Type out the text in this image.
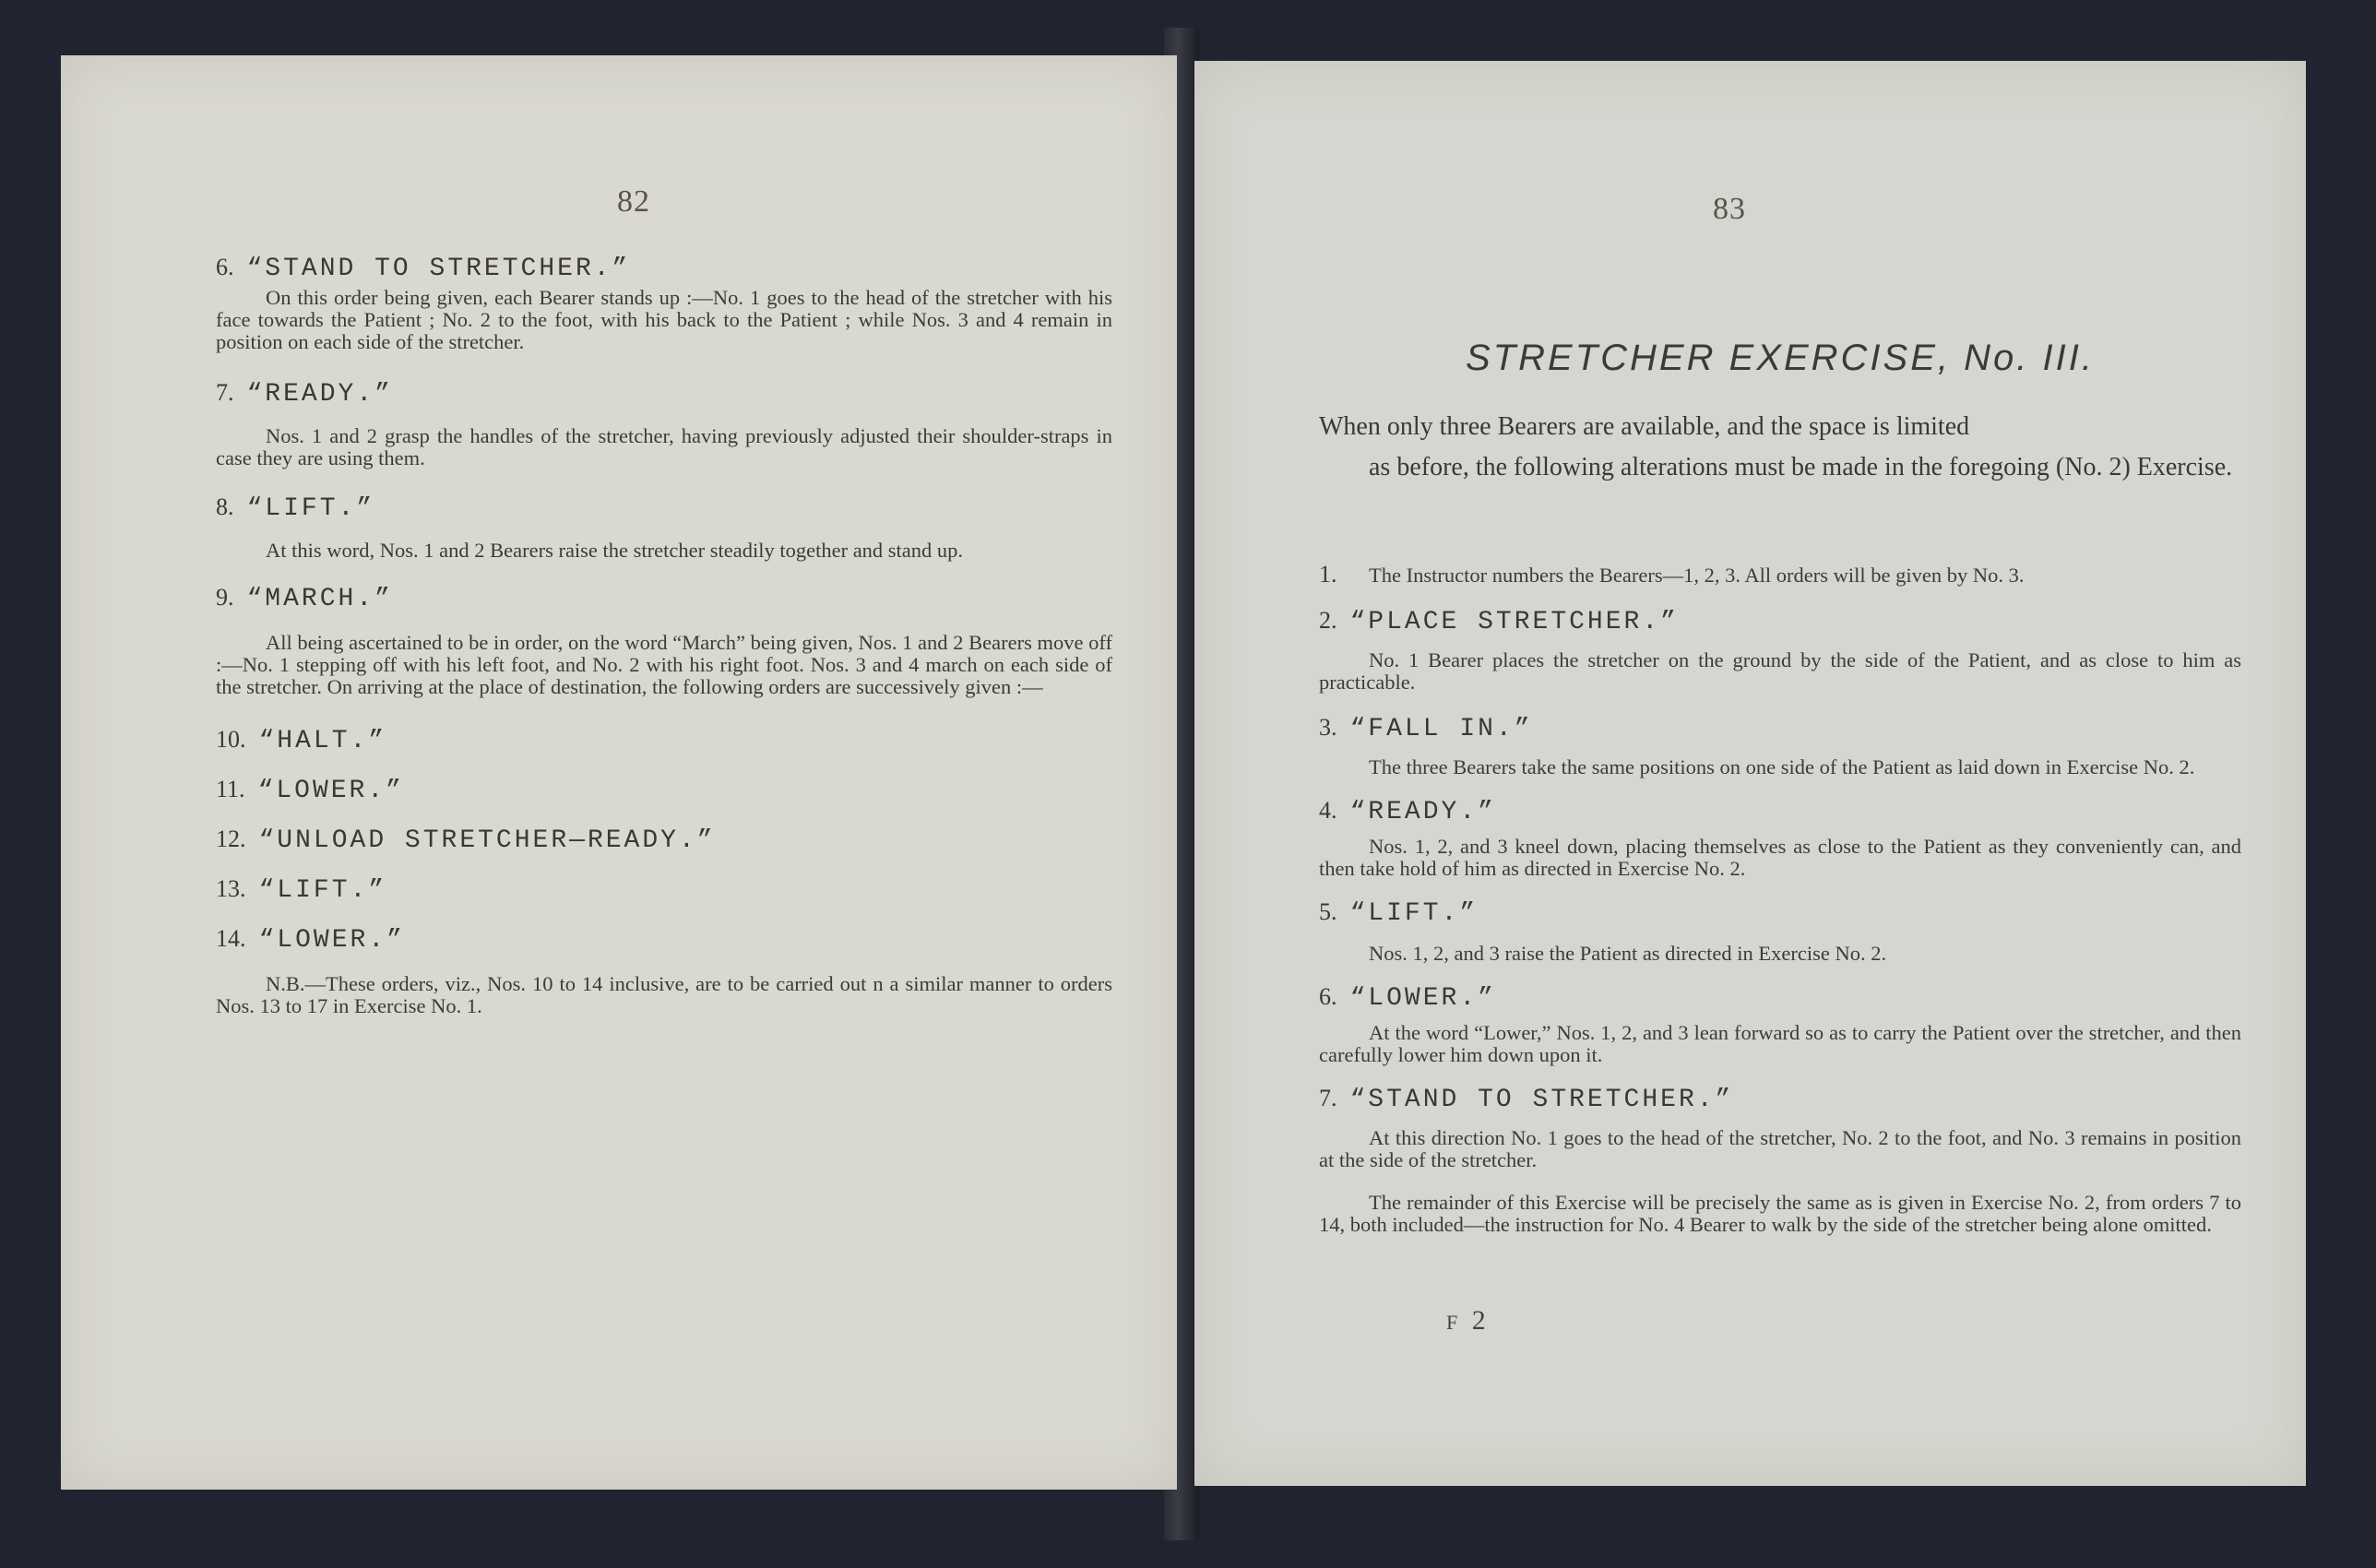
82
6. “STAND TO STRETCHER.”
On this order being given, each Bearer stands up :—No. 1 goes to the head of the stretcher with his face towards the Patient ; No. 2 to the foot, with his back to the Patient ; while Nos. 3 and 4 remain in position on each side of the stretcher.
7. “READY.”
Nos. 1 and 2 grasp the handles of the stretcher, having previously adjusted their shoulder-straps in case they are using them.
8. “LIFT.”
At this word, Nos. 1 and 2 Bearers raise the stretcher steadily together and stand up.
9. “MARCH.”
All being ascertained to be in order, on the word “March” being given, Nos. 1 and 2 Bearers move off :—No. 1 stepping off with his left foot, and No. 2 with his right foot. Nos. 3 and 4 march on each side of the stretcher. On arriving at the place of destination, the following orders are successively given :—
10. “HALT.”
11. “LOWER.”
12. “UNLOAD STRETCHER—READY.”
13. “LIFT.”
14. “LOWER.”
N.B.—These orders, viz., Nos. 10 to 14 inclusive, are to be carried out n a similar manner to orders Nos. 13 to 17 in Exercise No. 1.
83
STRETCHER EXERCISE, No. III.
When only three Bearers are available, and the space is limited
as before, the following alterations must be made in the foregoing (No. 2) Exercise.
1. The Instructor numbers the Bearers—1, 2, 3. All orders will be given by No. 3.
2. “PLACE STRETCHER.”
No. 1 Bearer places the stretcher on the ground by the side of the Patient, and as close to him as practicable.
3. “FALL IN.”
The three Bearers take the same positions on one side of the Patient as laid down in Exercise No. 2.
4. “READY.”
Nos. 1, 2, and 3 kneel down, placing themselves as close to the Patient as they conveniently can, and then take hold of him as directed in Exercise No. 2.
5. “LIFT.”
Nos. 1, 2, and 3 raise the Patient as directed in Exercise No. 2.
6. “LOWER.”
At the word “Lower,” Nos. 1, 2, and 3 lean forward so as to carry the Patient over the stretcher, and then carefully lower him down upon it.
7. “STAND TO STRETCHER.”
At this direction No. 1 goes to the head of the stretcher, No. 2 to the foot, and No. 3 remains in position at the side of the stretcher.
The remainder of this Exercise will be precisely the same as is given in Exercise No. 2, from orders 7 to 14, both included—the instruction for No. 4 Bearer to walk by the side of the stretcher being alone omitted.
F 2
